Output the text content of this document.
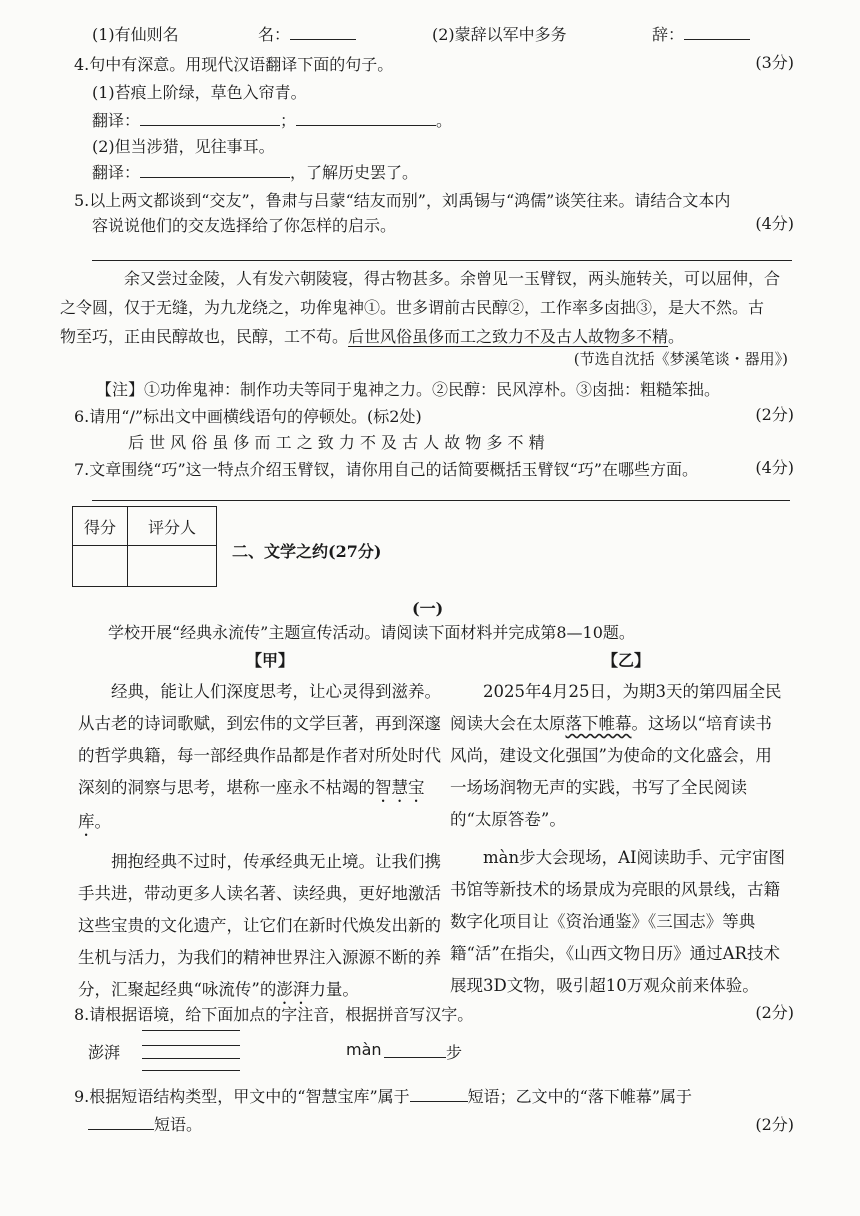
(1)有仙则名	名：	(2)蒙辞以军中多务	辞：
4.句中有深意。用现代汉语翻译下面的句子。	(3分)
(1)苔痕上阶绿，草色入帘青。
翻译：	；	。
(2)但当涉猎，见往事耳。
翻译：	，了解历史罢了。
5.以上两文都谈到“交友”，鲁肃与吕蒙“结友而别”，刘禹锡与“鸿儒”谈笑往来。请结合文本内
容说说他们的交友选择给了你怎样的启示。	(4分)
余又尝过金陵，人有发六朝陵寝，得古物甚多。余曾见一玉臂钗，两头施转关，可以屈伸，合
之令圆，仅于无缝，为九龙绕之，功侔鬼神①。世多谓前古民醇②，工作率多卤拙③，是大不然。古
物至巧，正由民醇故也，民醇，工不苟。后世风俗虽侈而工之致力不及古人故物多不精。
(节选自沈括《梦溪笔谈・器用》)
【注】①功侔鬼神：制作功夫等同于鬼神之力。②民醇：民风淳朴。③卤拙：粗糙笨拙。
6.请用“/”标出文中画横线语句的停顿处。(标2处)	(2分)
后 世 风 俗 虽 侈 而 工 之 致 力 不 及 古 人 故 物 多 不 精
7.文章围绕“巧”这一特点介绍玉臂钗，请你用自己的话简要概括玉臂钗“巧”在哪些方面。	(4分)
得分	评分人

二、文学之约(27分)
(一)
学校开展“经典永流传”主题宣传活动。请阅读下面材料并完成第8—10题。
【甲】	【乙】

经典，能让人们深度思考，让心灵得到滋养。从古老的诗词歌赋，到宏伟的文学巨著，再到深邃的哲学典籍，每一部经典作品都是作者对所处时代深刻的洞察与思考，堪称一座永不枯竭的智慧宝库。

拥抱经典不过时，传承经典无止境。让我们携手共进，带动更多人读名著、读经典，更好地激活这些宝贵的文化遗产，让它们在新时代焕发出新的生机与活力，为我们的精神世界注入源源不断的养分，汇聚起经典“咏流传”的澎湃力量。

2025年4月25日，为期3天的第四届全民阅读大会在太原落下帷幕。这场以“培育读书风尚，建设文化强国”为使命的文化盛会，用一场场润物无声的实践，书写了全民阅读的“太原答卷”。

màn步大会现场，AI阅读助手、元宇宙图书馆等新技术的场景成为亮眼的风景线，古籍数字化项目让《资治通鉴》《三国志》等典籍“活”在指尖，《山西文物日历》通过AR技术展现3D文物，吸引超10万观众前来体验。

8.请根据语境，给下面加点的字注音，根据拼音写汉字。	(2分)
澎湃	màn	步
9.根据短语结构类型，甲文中的“智慧宝库”属于	短语；乙文中的“落下帷幕”属于
短语。	(2分)
